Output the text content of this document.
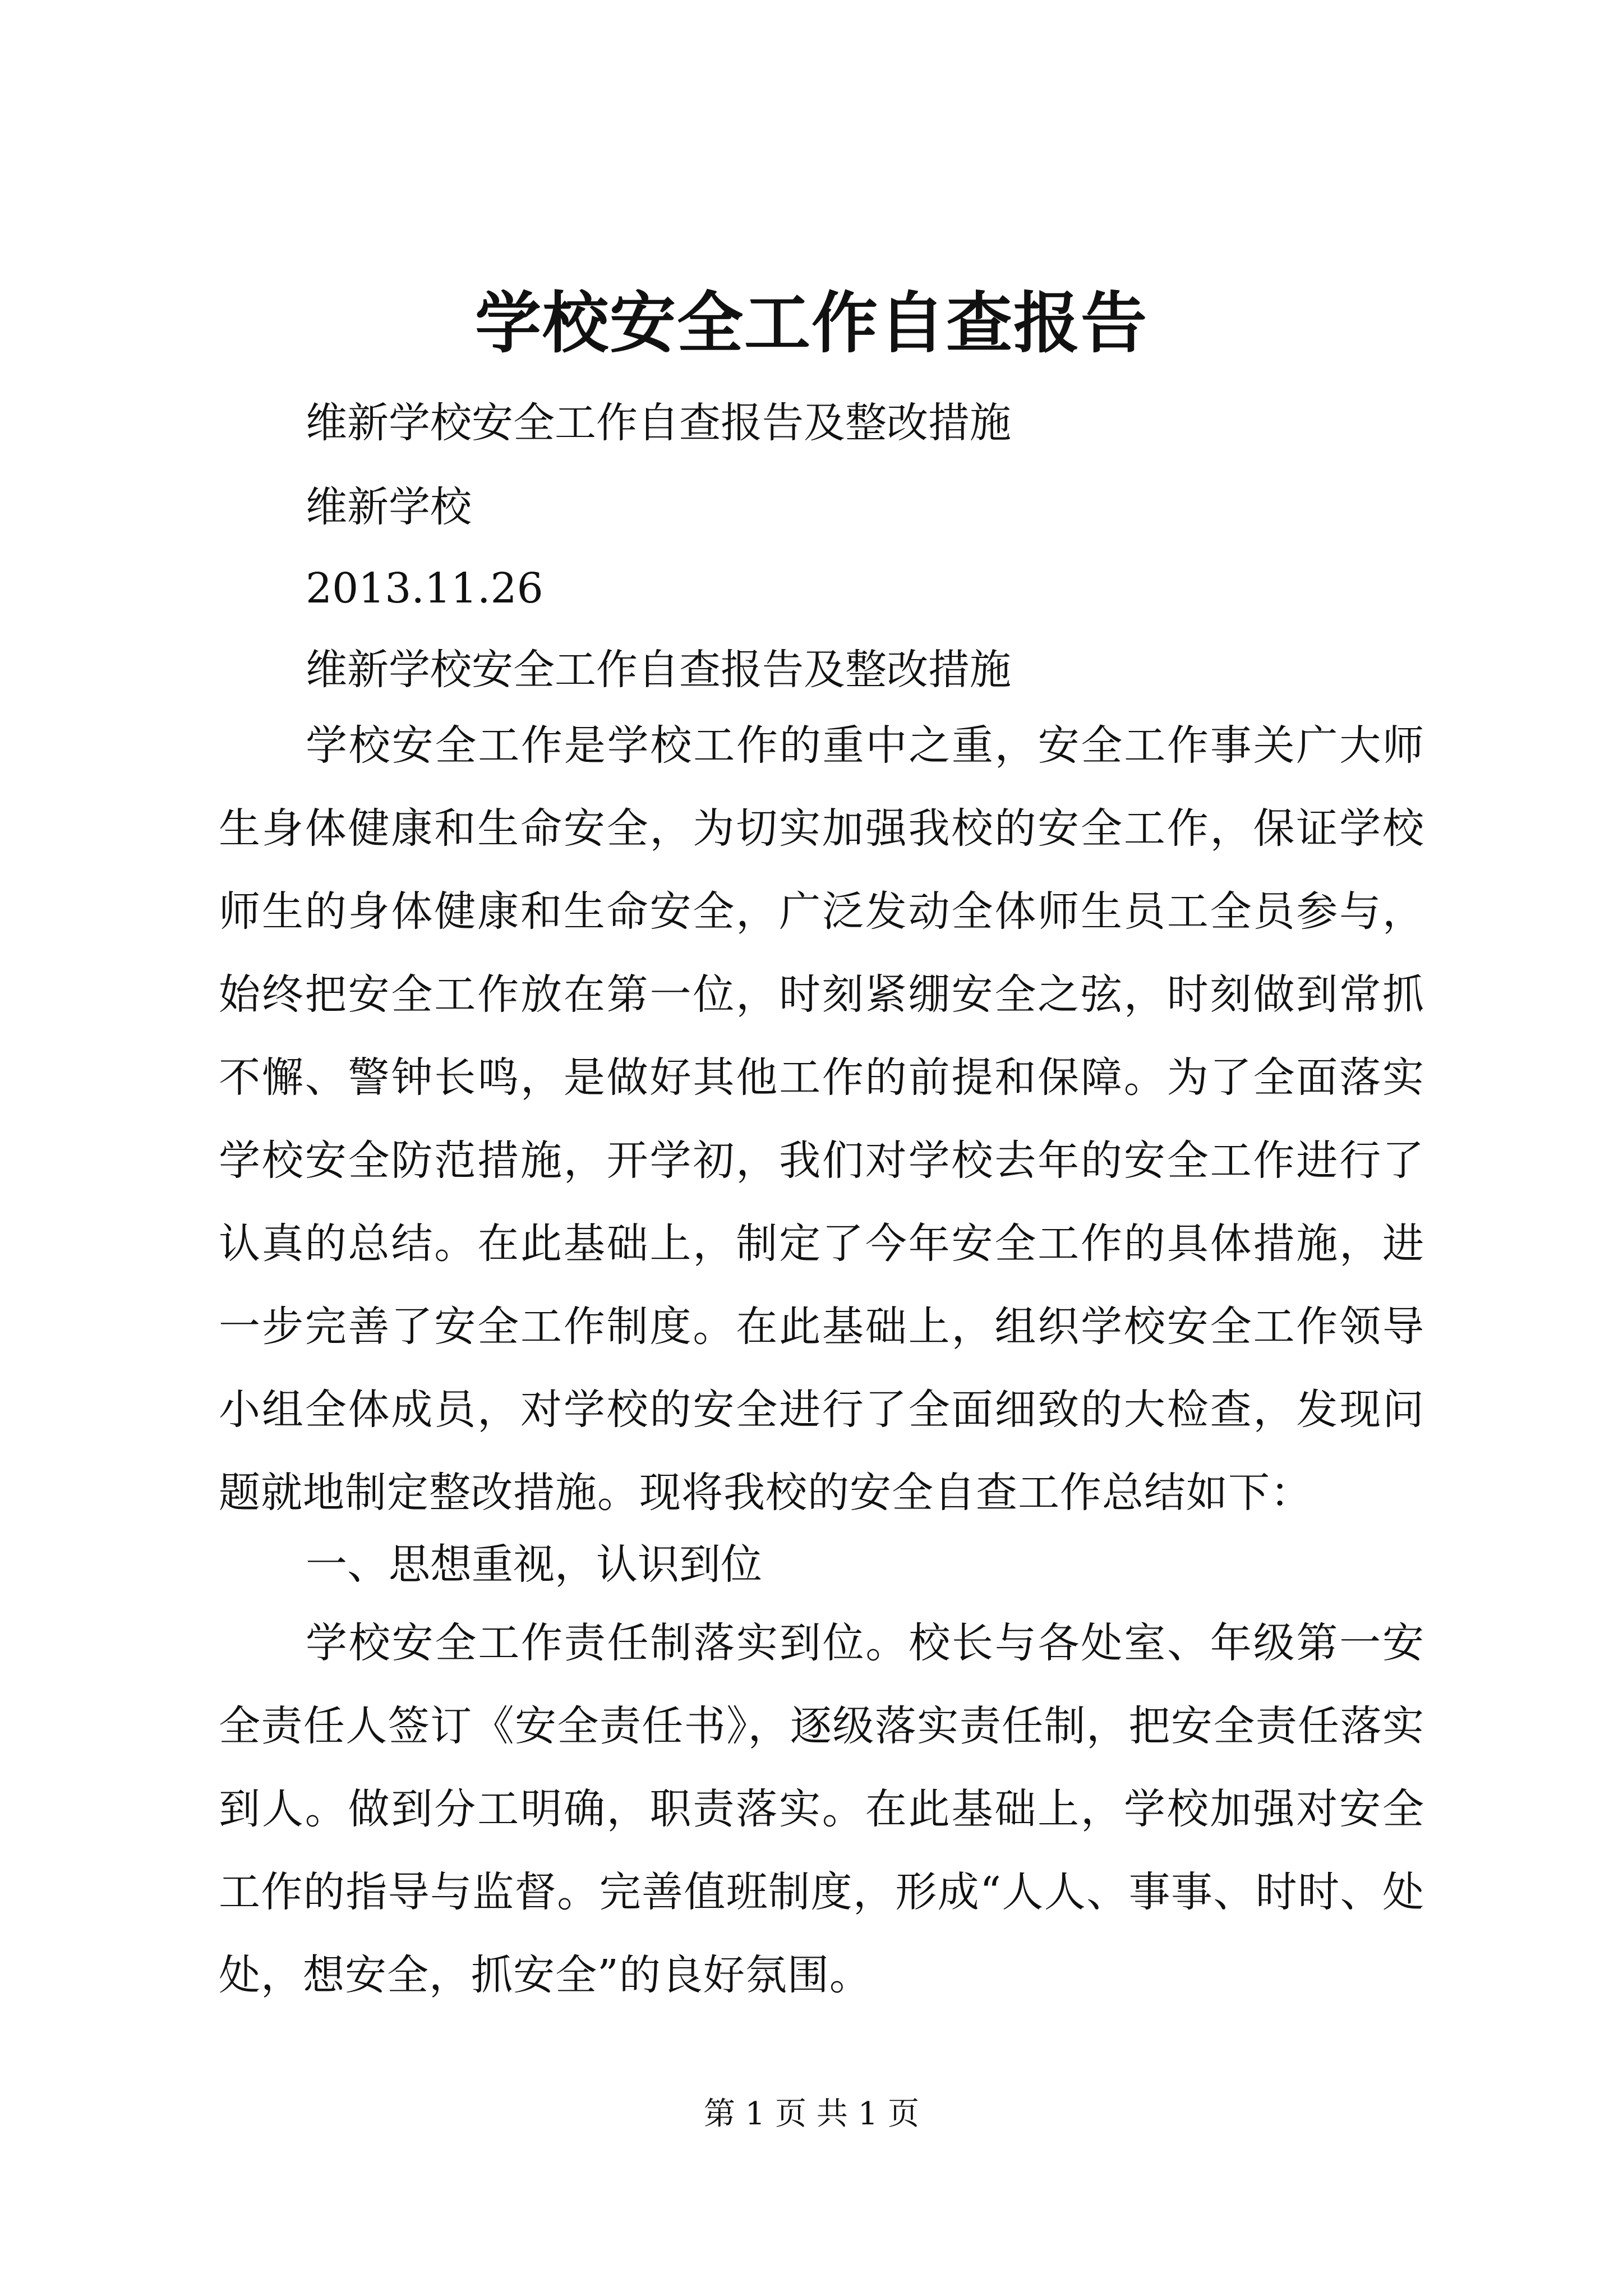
学校安全工作自查报告

维新学校安全工作自查报告及整改措施

维新学校

2013.11.26

维新学校安全工作自查报告及整改措施

学校安全工作是学校工作的重中之重，安全工作事关广大师生身体健康和生命安全，为切实加强我校的安全工作，保证学校师生的身体健康和生命安全，广泛发动全体师生员工全员参与，始终把安全工作放在第一位，时刻紧绷安全之弦，时刻做到常抓不懈、警钟长鸣，是做好其他工作的前提和保障。为了全面落实学校安全防范措施，开学初，我们对学校去年的安全工作进行了认真的总结。在此基础上，制定了今年安全工作的具体措施，进一步完善了安全工作制度。在此基础上，组织学校安全工作领导小组全体成员，对学校的安全进行了全面细致的大检查，发现问题就地制定整改措施。现将我校的安全自查工作总结如下：

一、思想重视，认识到位

学校安全工作责任制落实到位。校长与各处室、年级第一安全责任人签订《安全责任书》，逐级落实责任制，把安全责任落实到人。做到分工明确，职责落实。在此基础上，学校加强对安全工作的指导与监督。完善值班制度，形成“人人、事事、时时、处处，想安全，抓安全”的良好氛围。

第 1 页 共 1 页
